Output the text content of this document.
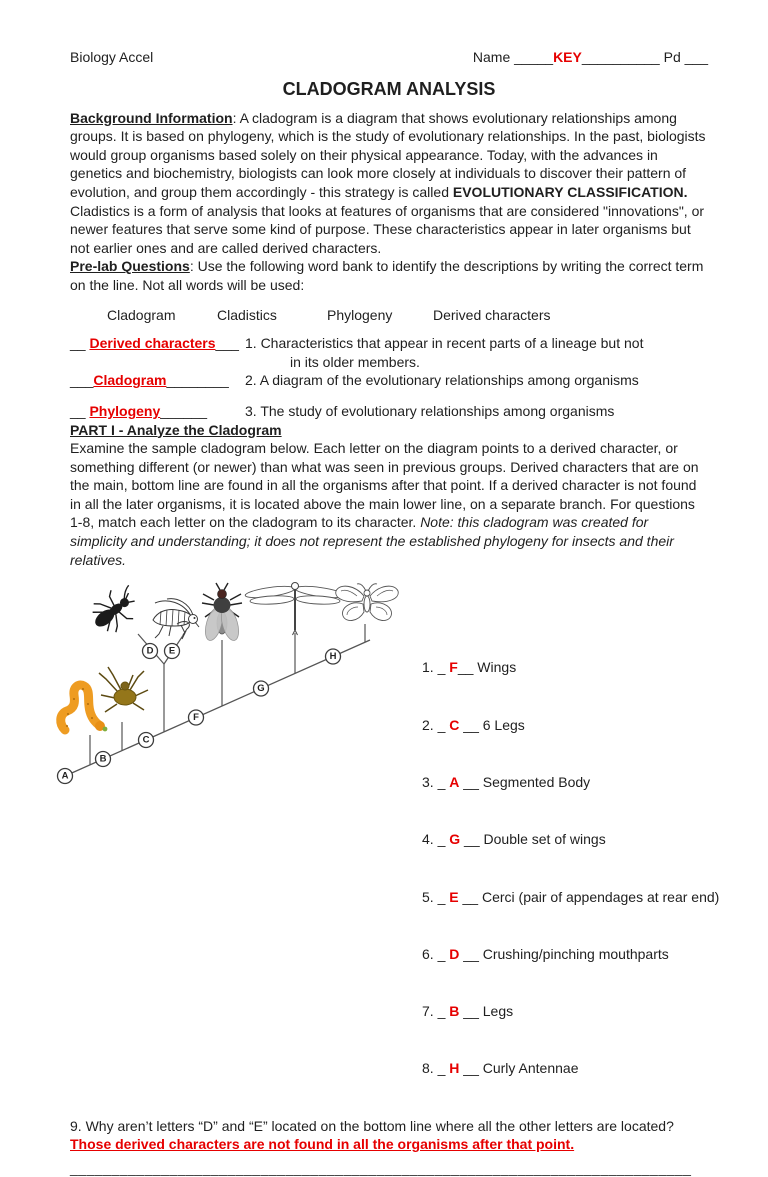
Biology Accel	Name _____KEY__________ Pd ___
CLADOGRAM ANALYSIS

Background Information: A cladogram is a diagram that shows evolutionary relationships among groups. It is based on phylogeny, which is the study of evolutionary relationships. In the past, biologists would group organisms based solely on their physical appearance. Today, with the advances in genetics and biochemistry, biologists can look more closely at individuals to discover their pattern of evolution, and group them accordingly - this strategy is called EVOLUTIONARY CLASSIFICATION. Cladistics is a form of analysis that looks at features of organisms that are considered "innovations", or newer features that serve some kind of purpose. These characteristics appear in later organisms but not earlier ones and are called derived characters.

Pre-lab Questions: Use the following word bank to identify the descriptions by writing the correct term on the line. Not all words will be used:

Cladogram	Cladistics	Phylogeny	Derived characters
__ Derived characters___ 1. Characteristics that appear in recent parts of a lineage but not
in its older members.
___Cladogram________	2. A diagram of the evolutionary relationships among organisms
__ Phylogeny______	3. The study of evolutionary relationships among organisms

PART I - Analyze the Cladogram

Examine the sample cladogram below. Each letter on the diagram points to a derived character, or something different (or newer) than what was seen in previous groups. Derived characters that are on the main, bottom line are found in all the organisms after that point. If a derived character is not found in all the later organisms, it is located above the main lower line, on a separate branch. For questions 1-8, match each letter on the cladogram to its character. Note: this cladogram was created for simplicity and understanding; it does not represent the established phylogeny for insects and their relatives.

A
B
C
D E
F
G
H

1. _ F__ Wings

2. _ C __ 6 Legs

3. _ A __ Segmented Body

4. _ G __ Double set of wings

5. _ E __ Cerci (pair of appendages at rear end)

6. _ D __ Crushing/pinching mouthparts

7. _ B __ Legs

8. _ H __ Curly Antennae

9. Why aren’t letters “D” and “E” located on the bottom line where all the other letters are located?

Those derived characters are not found in all the organisms after that point.

___________________________________________________________________________
